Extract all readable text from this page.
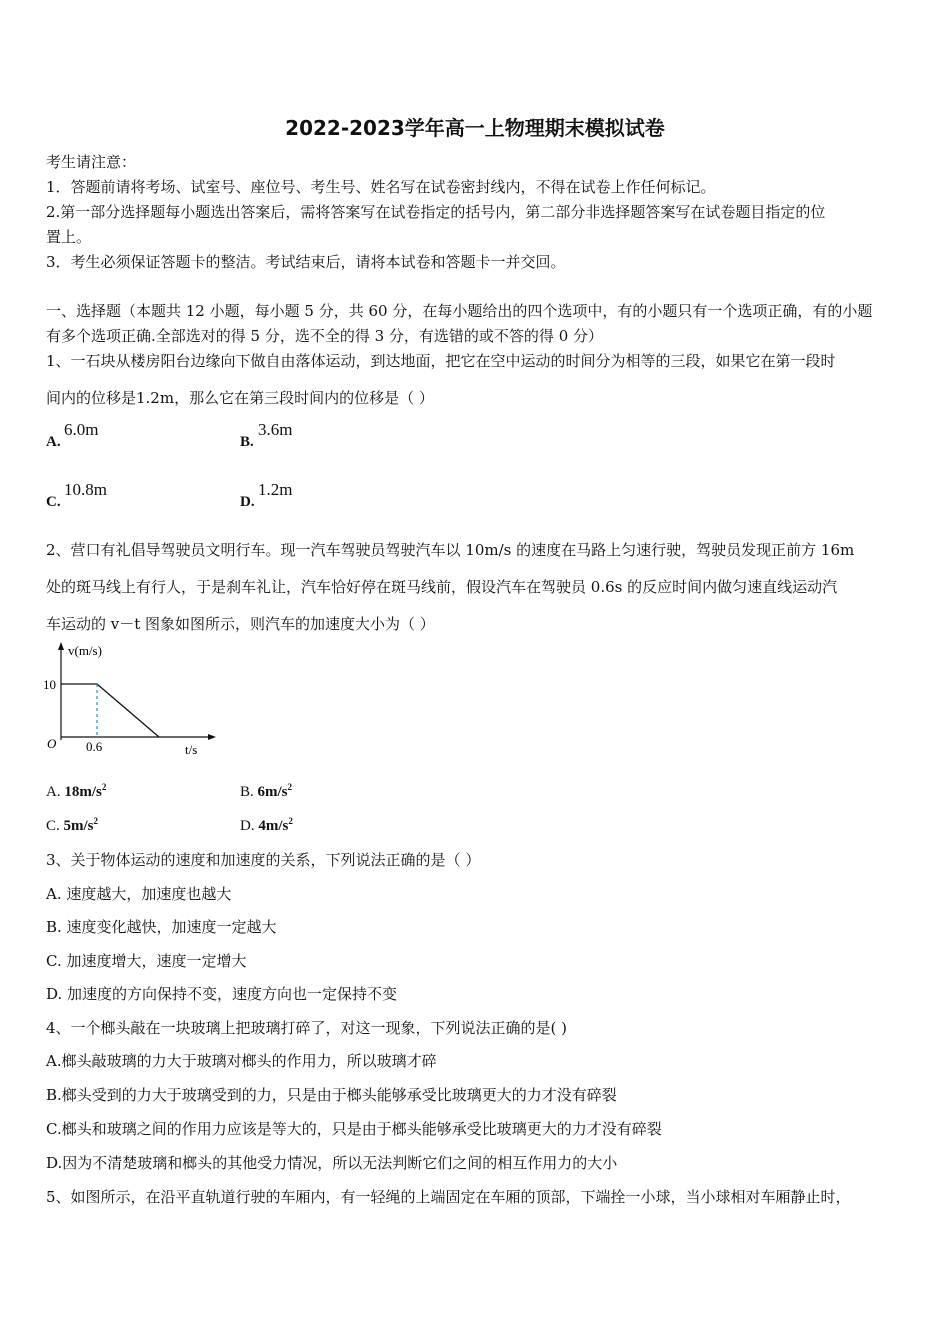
2022-2023学年高一上物理期末模拟试卷
考生请注意：
1．答题前请将考场、试室号、座位号、考生号、姓名写在试卷密封线内，不得在试卷上作任何标记。
2.第一部分选择题每小题选出答案后，需将答案写在试卷指定的括号内，第二部分非选择题答案写在试卷题目指定的位
置上。
3．考生必须保证答题卡的整洁。考试结束后，请将本试卷和答题卡一并交回。
一、选择题（本题共 12 小题，每小题 5 分，共 60 分，在每小题给出的四个选项中，有的小题只有一个选项正确，有的小题
有多个选项正确.全部选对的得 5 分，选不全的得 3 分，有选错的或不答的得 0 分）
1、一石块从楼房阳台边缘向下做自由落体运动，到达地面，把它在空中运动的时间分为相等的三段，如果它在第一段时
间内的位移是1.2m，那么它在第三段时间内的位移是（ ）
A.
6.0m
B.
3.6m
C.
10.8m
D.
1.2m
2、营口有礼倡导驾驶员文明行车。现一汽车驾驶员驾驶汽车以 10m/s 的速度在马路上匀速行驶，驾驶员发现正前方 16m
处的斑马线上有行人，于是刹车礼让，汽车恰好停在斑马线前，假设汽车在驾驶员 0.6s 的反应时间内做匀速直线运动汽
车运动的 v－t 图象如图所示，则汽车的加速度大小为（ ）
v(m/s)
10
O 0.6	t/s
A. $18m/s^2$	B. $6m/s^2$
C. $5m/s^2$	D. $4m/s^2$
3、关于物体运动的速度和加速度的关系，下列说法正确的是（ ）
A. 速度越大，加速度也越大
B. 速度变化越快，加速度一定越大
C. 加速度增大，速度一定增大
D. 加速度的方向保持不变，速度方向也一定保持不变
4、一个榔头敲在一块玻璃上把玻璃打碎了，对这一现象，下列说法正确的是( )
A.榔头敲玻璃的力大于玻璃对榔头的作用力，所以玻璃才碎
B.榔头受到的力大于玻璃受到的力，只是由于榔头能够承受比玻璃更大的力才没有碎裂
C.榔头和玻璃之间的作用力应该是等大的，只是由于榔头能够承受比玻璃更大的力才没有碎裂
D.因为不清楚玻璃和榔头的其他受力情况，所以无法判断它们之间的相互作用力的大小
5、如图所示，在沿平直轨道行驶的车厢内，有一轻绳的上端固定在车厢的顶部，下端拴一小球，当小球相对车厢静止时，
